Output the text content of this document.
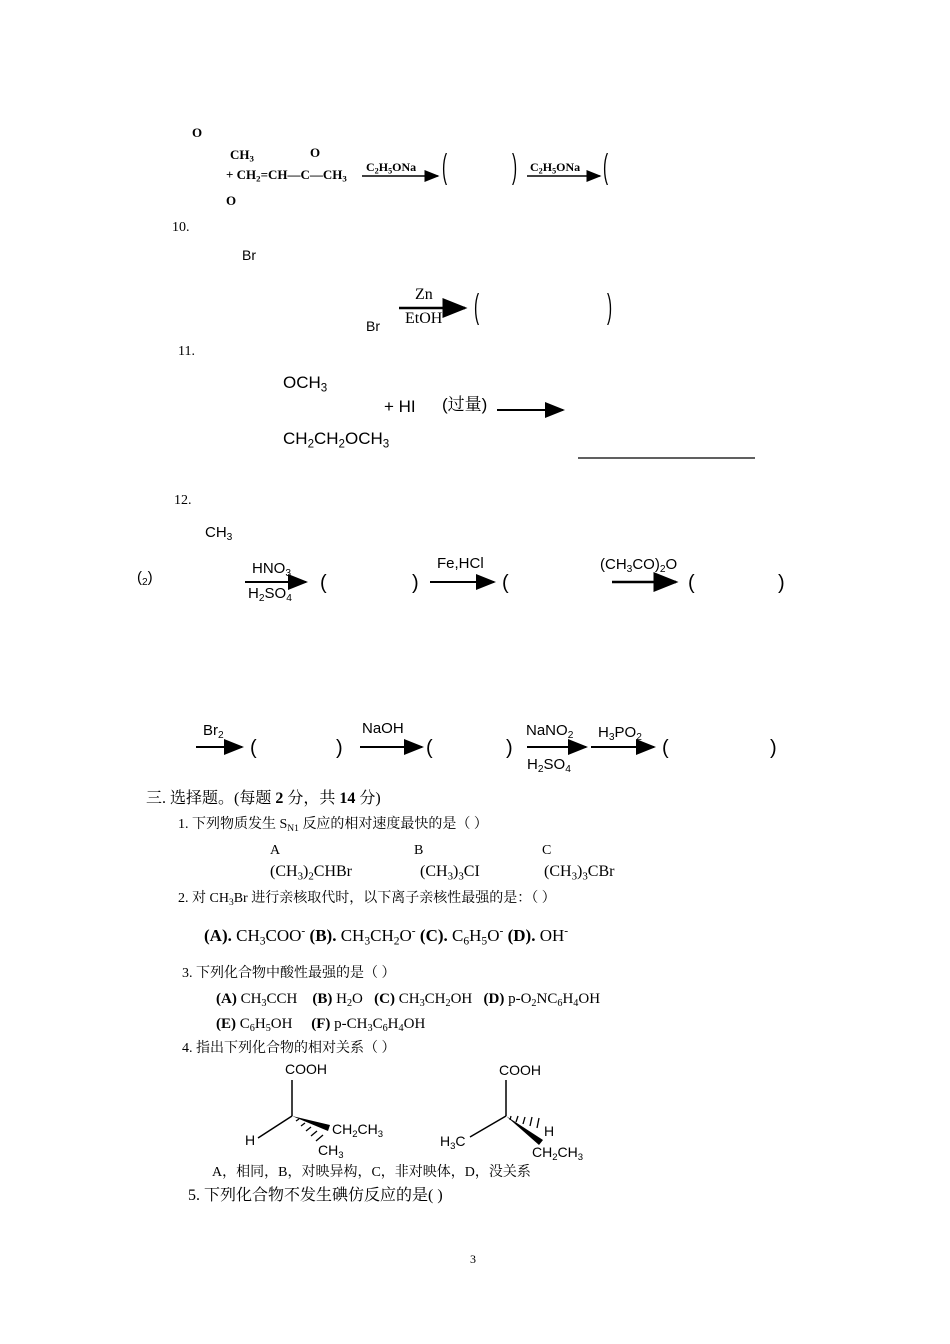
O
O
$CH_3$
+ $CH_2=CH—C—CH_3$
O
$C_2H_5ONa$	$C_2H_5ONa$
( )	(
10.
Br
Br
Zn
EtOH (	)
11.
$OCH_3$
+ HI (过量)
$CH_2CH_2OCH_3$
12.
$CH_3$
$(_2)$
$HNO_3$
$H_2SO_4$
(	)
Fe,HCl
(
$(CH_3CO)_2O$
(	)
$Br_2$
(	)
NaOH
(	)
NaNO$_2$
$H_2SO_4$
$H_3PO_2$ (	)
三. 选择题。(每题 2 分，共 14 分)
1. 下列物质发生 $S_{N1}$ 反应的相对速度最快的是（ ）
A	B	C
$(CH_3)_2CHBr$	$(CH_3)_3CI$	$(CH_3)_3CBr$
2. 对 $CH_3Br$ 进行亲核取代时，以下离子亲核性最强的是：（ ）
(A). $CH_3COO^-$ (B). $CH_3CH_2O^-$ (C). $C_6H_5O^-$ (D). OH-
3. 下列化合物中酸性最强的是（ ）
(A) $CH_3CCH$    (B) $H_2O$   (C) $CH_3CH_2OH$   (D) $p-O_2NC_6H_4OH$
(E) $C_6H_5OH$     (F) $p-CH_3C_6H_4OH$
4. 指出下列化合物的相对关系（ ）
COOH
H
$CH_2CH_3$
$CH_3$
COOH
$H_3C$
H
$CH_2CH_3$
A，相同，B，对映异构，C，非对映体，D，没关系
5. 下列化合物不发生碘仿反应的是( )
3
